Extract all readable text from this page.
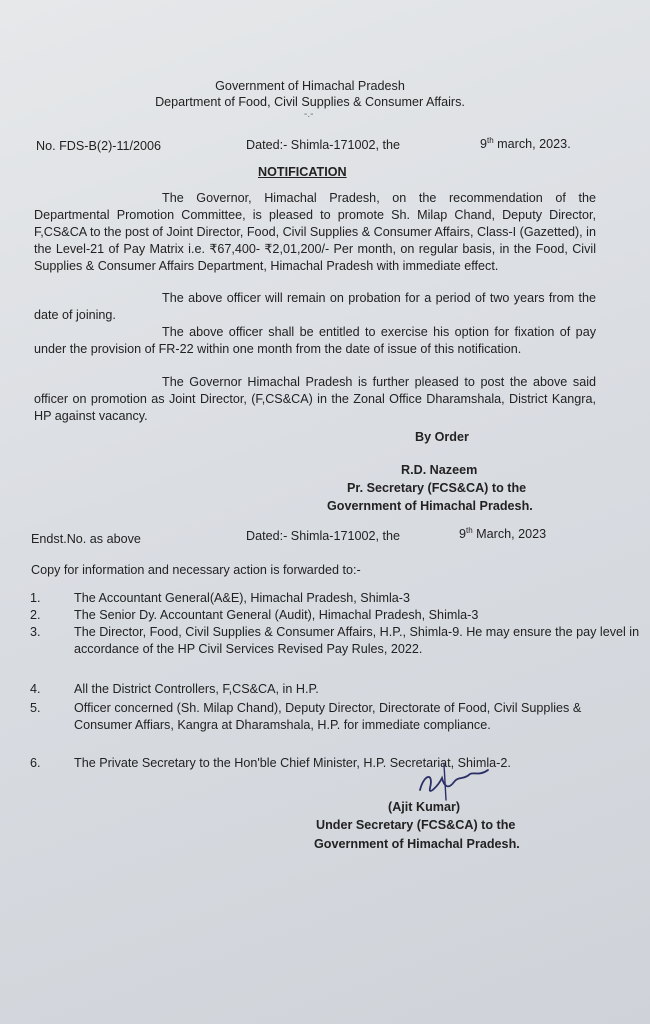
Government of Himachal Pradesh
Department of Food, Civil Supplies & Consumer Affairs.
‑.‑
No. FDS-B(2)-11/2006	Dated:- Shimla-171002, the	9th march, 2023.
NOTIFICATION
The Governor, Himachal Pradesh, on the recommendation of the Departmental Promotion Committee, is pleased to promote Sh. Milap Chand, Deputy Director, F,CS&CA to the post of Joint Director, Food, Civil Supplies & Consumer Affairs, Class-I (Gazetted), in the Level-21 of Pay Matrix i.e. ₹67,400- ₹2,01,200/- Per month, on regular basis, in the Food, Civil Supplies & Consumer Affairs Department, Himachal Pradesh with immediate effect.
The above officer will remain on probation for a period of two years from the date of joining.
The above officer shall be entitled to exercise his option for fixation of pay under the provision of FR-22 within one month from the date of issue of this notification.
The Governor Himachal Pradesh is further pleased to post the above said officer on promotion as Joint Director, (F,CS&CA) in the Zonal Office Dharamshala, District Kangra, HP against vacancy.
By Order
R.D. Nazeem
Pr. Secretary (FCS&CA) to the
Government of Himachal Pradesh.
Endst.No. as above	Dated:- Shimla-171002, the	9th March, 2023
Copy for information and necessary action is forwarded to:-
1.	The Accountant General(A&E), Himachal Pradesh, Shimla-3
2.	The Senior Dy. Accountant General (Audit), Himachal Pradesh, Shimla-3
3.	The Director, Food, Civil Supplies & Consumer Affairs, H.P., Shimla-9. He may ensure the pay level in accordance of the HP Civil Services Revised Pay Rules, 2022.
4.	All the District Controllers, F,CS&CA, in H.P.
5.	Officer concerned (Sh. Milap Chand), Deputy Director, Directorate of Food, Civil Supplies & Consumer Affiars, Kangra at Dharamshala, H.P. for immediate compliance.
6.	The Private Secretary to the Hon'ble Chief Minister, H.P. Secretariat, Shimla-2.
(Ajit Kumar)
Under Secretary (FCS&CA) to the
Government of Himachal Pradesh.
